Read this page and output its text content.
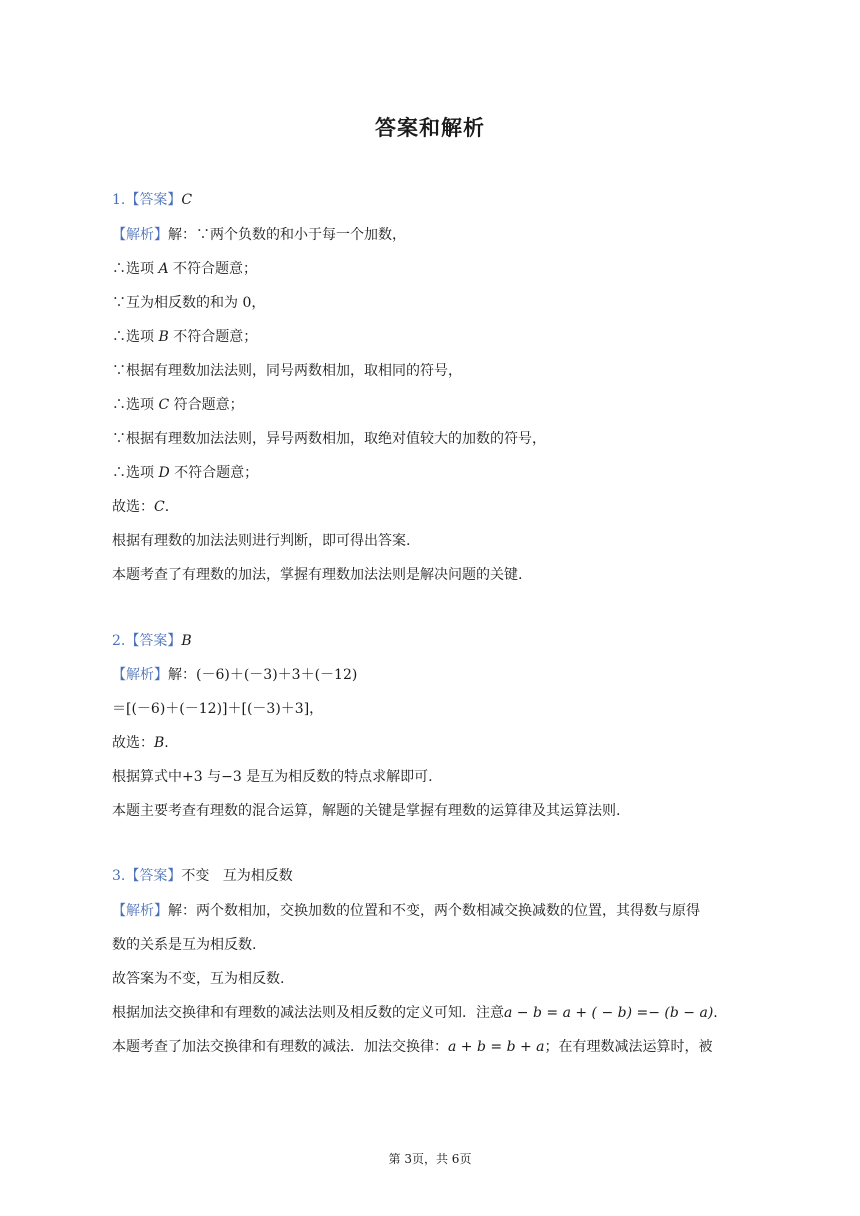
答案和解析
1.【答案】C
【解析】解：∵两个负数的和小于每一个加数，
∴选项 A 不符合题意；
∵互为相反数的和为 0，
∴选项 B 不符合题意；
∵根据有理数加法法则，同号两数相加，取相同的符号，
∴选项 C 符合题意；
∵根据有理数加法法则，异号两数相加，取绝对值较大的加数的符号，
∴选项 D 不符合题意；
故选：C.
根据有理数的加法法则进行判断，即可得出答案.
本题考查了有理数的加法，掌握有理数加法法则是解决问题的关键.
2.【答案】B
【解析】解：(－6)＋(－3)＋3＋(－12)
＝[(－6)＋(－12)]＋[(－3)＋3]，
故选：B.
根据算式中+3 与−3 是互为相反数的特点求解即可.
本题主要考查有理数的混合运算，解题的关键是掌握有理数的运算律及其运算法则.
3.【答案】不变   互为相反数
【解析】解：两个数相加，交换加数的位置和不变，两个数相减交换减数的位置，其得数与原得
数的关系是互为相反数.
故答案为不变，互为相反数.
根据加法交换律和有理数的减法法则及相反数的定义可知．注意a − b = a + ( − b) =− (b − a).
本题考查了加法交换律和有理数的减法．加法交换律：a + b = b + a；在有理数减法运算时，被
第 3页，共 6页
